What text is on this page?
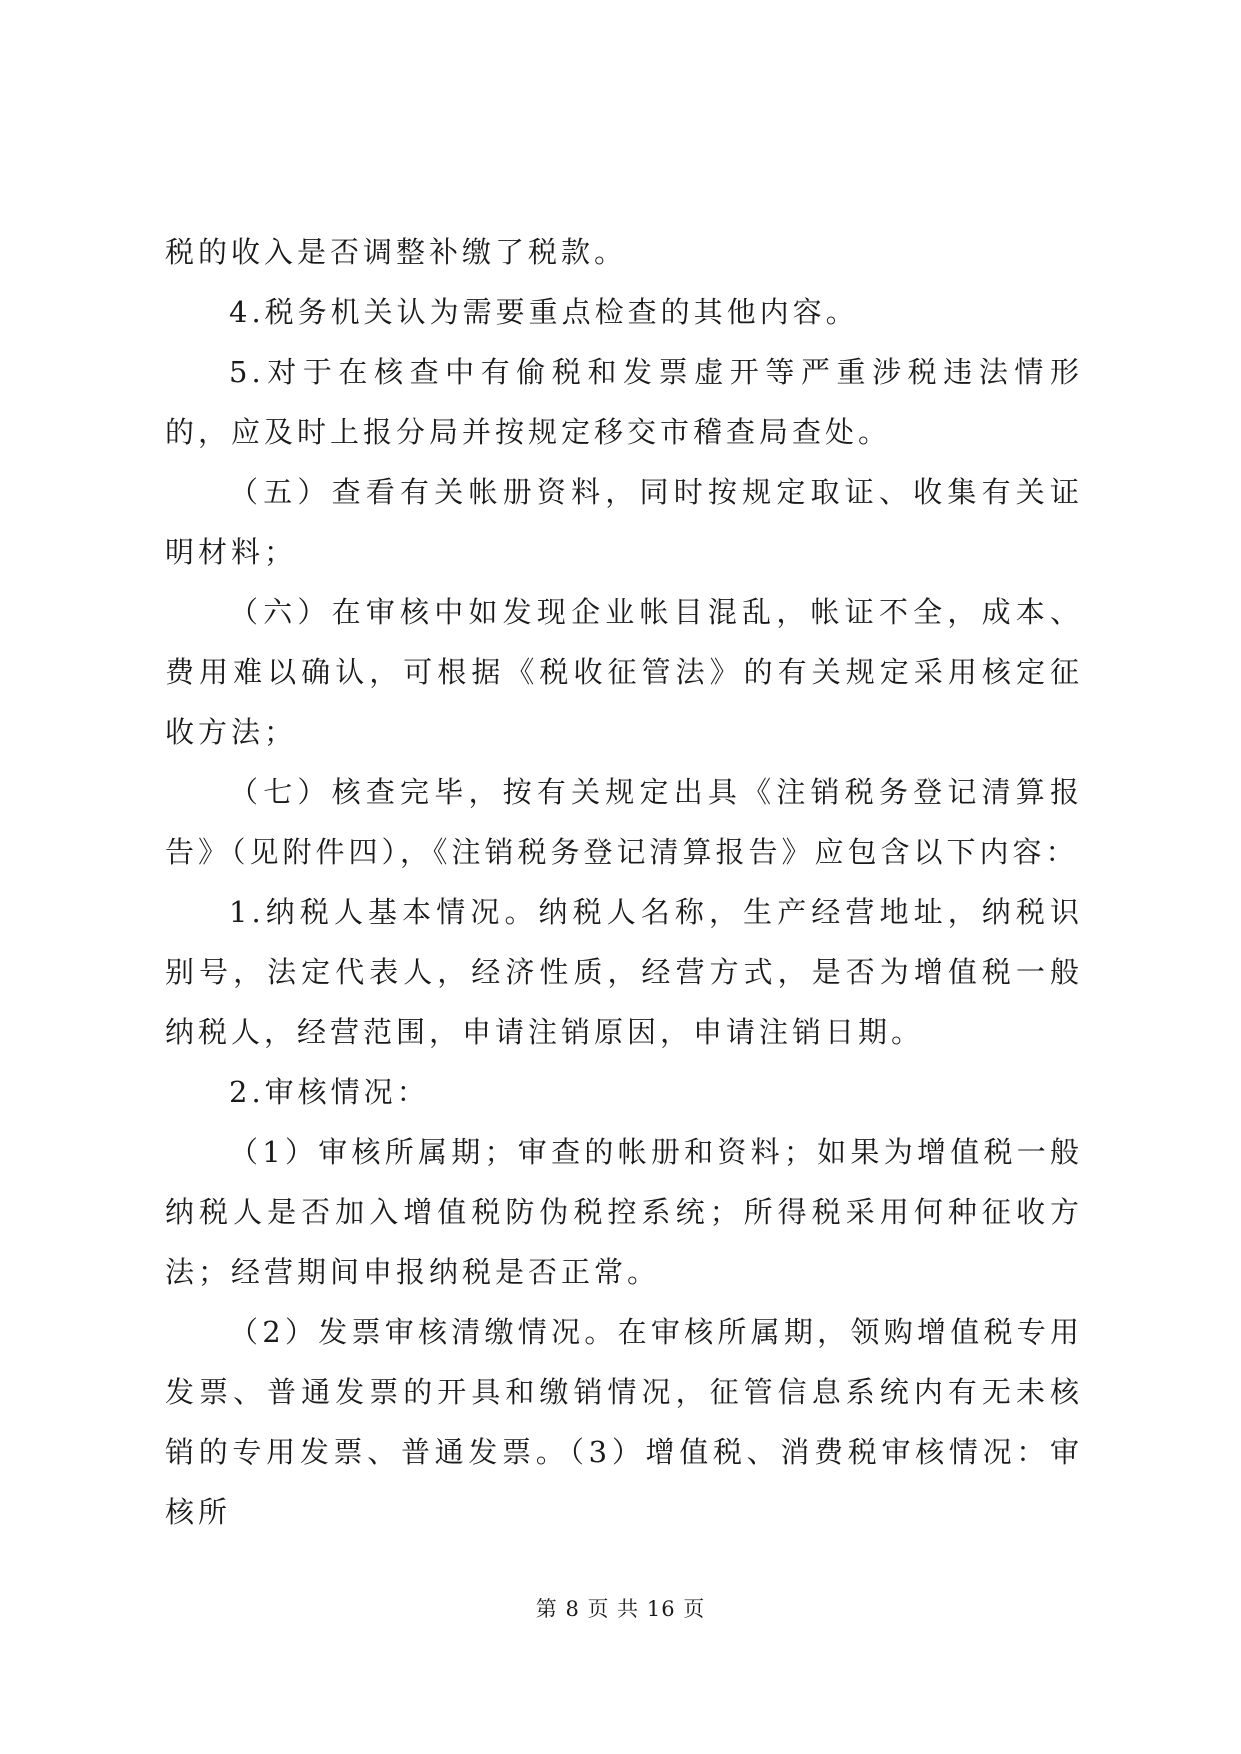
税的收入是否调整补缴了税款。

4.税务机关认为需要重点检查的其他内容。

5.对于在核查中有偷税和发票虚开等严重涉税违法情形的，应及时上报分局并按规定移交市稽查局查处。

（五）查看有关帐册资料，同时按规定取证、收集有关证明材料；

（六）在审核中如发现企业帐目混乱，帐证不全，成本、费用难以确认，可根据《税收征管法》的有关规定采用核定征收方法；

（七）核查完毕，按有关规定出具《注销税务登记清算报告》（见附件四），《注销税务登记清算报告》应包含以下内容：

1.纳税人基本情况。纳税人名称，生产经营地址，纳税识别号，法定代表人，经济性质，经营方式，是否为增值税一般纳税人，经营范围，申请注销原因，申请注销日期。

2.审核情况：

（1）审核所属期；审查的帐册和资料；如果为增值税一般纳税人是否加入增值税防伪税控系统；所得税采用何种征收方法；经营期间申报纳税是否正常。

（2）发票审核清缴情况。在审核所属期，领购增值税专用发票、普通发票的开具和缴销情况，征管信息系统内有无未核销的专用发票、普通发票。（3）增值税、消费税审核情况：审核所

第 8 页 共 16 页
